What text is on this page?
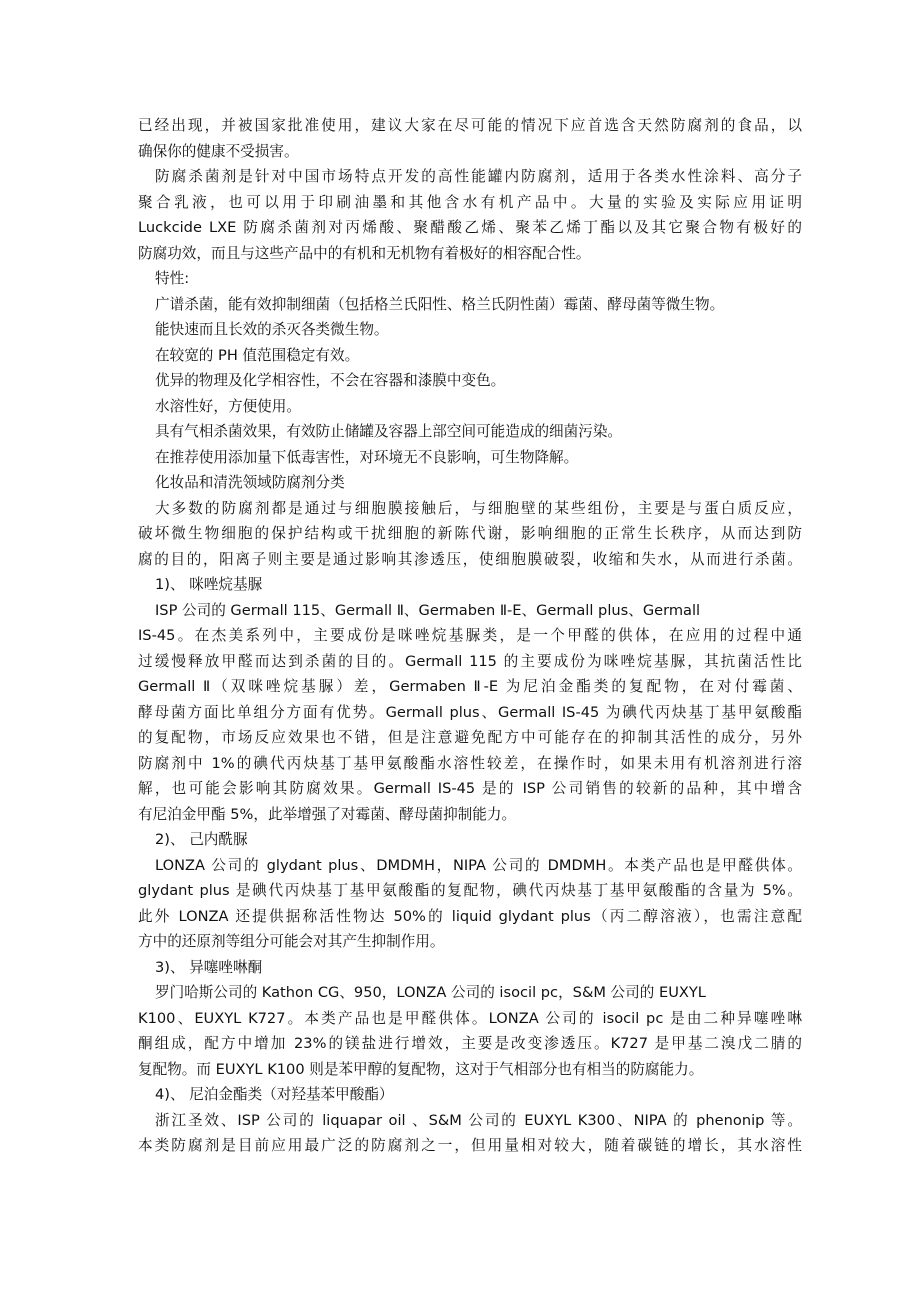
已经出现，并被国家批准使用，建议大家在尽可能的情况下应首选含天然防腐剂的食品，以
确保你的健康不受损害。
防腐杀菌剂是针对中国市场特点开发的高性能罐内防腐剂，适用于各类水性涂料、高分子
聚合乳液，也可以用于印刷油墨和其他含水有机产品中。大量的实验及实际应用证明
Luckcide LXE 防腐杀菌剂对丙烯酸、聚醋酸乙烯、聚苯乙烯丁酯以及其它聚合物有极好的
防腐功效，而且与这些产品中的有机和无机物有着极好的相容配合性。
特性:
广谱杀菌，能有效抑制细菌（包括格兰氏阳性、格兰氏阴性菌）霉菌、酵母菌等微生物。
能快速而且长效的杀灭各类微生物。
在较宽的 PH 值范围稳定有效。
优异的物理及化学相容性，不会在容器和漆膜中变色。
水溶性好，方便使用。
具有气相杀菌效果，有效防止储罐及容器上部空间可能造成的细菌污染。
在推荐使用添加量下低毒害性，对环境无不良影响，可生物降解。
化妆品和清洗领域防腐剂分类
大多数的防腐剂都是通过与细胞膜接触后，与细胞壁的某些组份，主要是与蛋白质反应，
破坏微生物细胞的保护结构或干扰细胞的新陈代谢，影响细胞的正常生长秩序，从而达到防
腐的目的，阳离子则主要是通过影响其渗透压，使细胞膜破裂，收缩和失水，从而进行杀菌。
1)、 咪唑烷基脲
ISP 公司的 Germall 115、Germall Ⅱ、Germaben Ⅱ-E、Germall plus、Germall
IS-45。在杰美系列中，主要成份是咪唑烷基脲类，是一个甲醛的供体，在应用的过程中通
过缓慢释放甲醛而达到杀菌的目的。Germall 115 的主要成份为咪唑烷基脲，其抗菌活性比
Germall Ⅱ（双咪唑烷基脲）差，Germaben Ⅱ-E 为尼泊金酯类的复配物，在对付霉菌、
酵母菌方面比单组分方面有优势。Germall plus、Germall IS-45 为碘代丙炔基丁基甲氨酸酯
的复配物，市场反应效果也不错，但是注意避免配方中可能存在的抑制其活性的成分，另外
防腐剂中 1%的碘代丙炔基丁基甲氨酸酯水溶性较差，在操作时，如果未用有机溶剂进行溶
解，也可能会影响其防腐效果。Germall IS-45 是的 ISP 公司销售的较新的品种，其中增含
有尼泊金甲酯 5%，此举增强了对霉菌、酵母菌抑制能力。
2)、 己内酰脲
LONZA 公司的 glydant plus、DMDMH，NIPA 公司的 DMDMH。本类产品也是甲醛供体。
glydant plus 是碘代丙炔基丁基甲氨酸酯的复配物，碘代丙炔基丁基甲氨酸酯的含量为 5%。
此外 LONZA 还提供据称活性物达 50%的 liquid glydant plus（丙二醇溶液），也需注意配
方中的还原剂等组分可能会对其产生抑制作用。
3)、 异噻唑啉酮
罗门哈斯公司的 Kathon CG、950，LONZA 公司的 isocil pc，S&M 公司的 EUXYL
K100、EUXYL K727。本类产品也是甲醛供体。LONZA 公司的 isocil pc 是由二种异噻唑啉
酮组成，配方中增加 23%的镁盐进行增效，主要是改变渗透压。K727 是甲基二溴戊二腈的
复配物。而 EUXYL K100 则是苯甲醇的复配物，这对于气相部分也有相当的防腐能力。
4)、 尼泊金酯类（对羟基苯甲酸酯）
浙江圣效、ISP 公司的 liquapar oil 、S&M 公司的 EUXYL K300、NIPA 的 phenonip 等。
本类防腐剂是目前应用最广泛的防腐剂之一，但用量相对较大，随着碳链的增长，其水溶性
